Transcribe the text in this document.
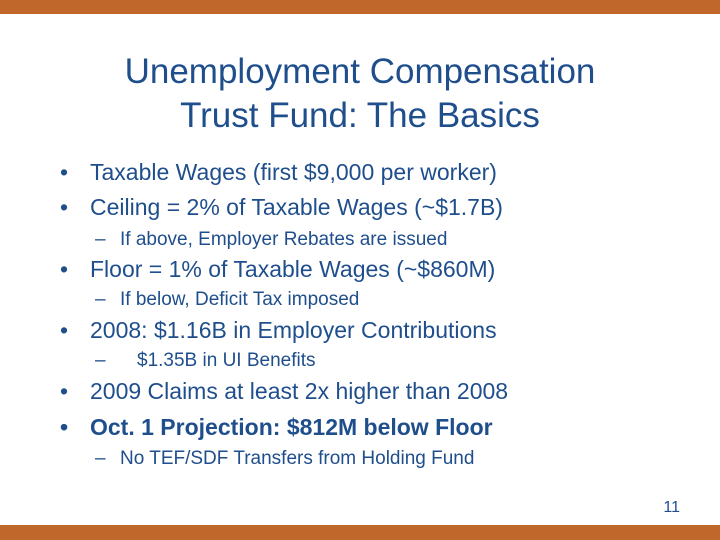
Unemployment Compensation
Trust Fund: The Basics
• Taxable Wages (first $9,000 per worker)
• Ceiling = 2% of Taxable Wages (~$1.7B)
– If above, Employer Rebates are issued
• Floor = 1% of Taxable Wages (~$860M)
– If below, Deficit Tax imposed
• 2008: $1.16B in Employer Contributions
– $1.35B in UI Benefits
• 2009 Claims at least 2x higher than 2008
• Oct. 1 Projection: $812M below Floor
– No TEF/SDF Transfers from Holding Fund
11
